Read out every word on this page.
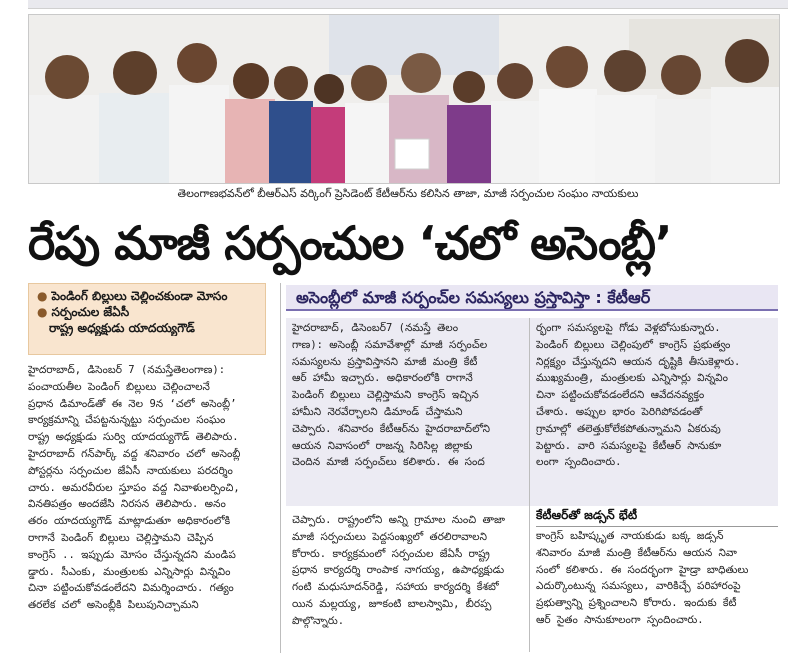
తెలంగాణభవన్‌లో బీఆర్ఎస్ వర్కింగ్ ప్రెసిడెంట్ కేటీఆర్‌ను కలిసిన తాజా, మాజీ సర్పంచుల సంఘం నాయకులు
రేపు మాజీ సర్పంచుల ‘చలో అసెంబ్లీ’
● పెండింగ్ బిల్లులు చెల్లించకుండా మోసం
● సర్పంచుల జేఏసీ
రాష్ట్ర అధ్యక్షుడు యాదయ్యగౌడ్
అసెంబ్లీలో మాజీ సర్పంచ్‌ల సమస్యలు ప్రస్తావిస్తా : కేటీఆర్

హైదరాబాద్, డిసెంబర్ 7 (నమస్తేతెలంగాణ):

పంచాయతీల పెండింగ్ బిల్లులు చెల్లించాలనే

ప్రధాన డిమాండ్‌తో ఈ నెల 9న ‘చలో అసెంబ్లీ’

కార్యక్రమాన్ని చేపట్టనున్నట్టు సర్పంచుల సంఘం

రాష్ట్ర అధ్యక్షుడు సుర్వి యాదయ్యగౌడ్ తెలిపారు.

హైదరాబాద్ గన్‌పార్క్ వద్ద శనివారం చలో అసెంబ్లీ

పోస్టర్లను సర్పంచుల జేఏసీ నాయకులు పరదర్శిం

చారు. అమరవీరుల స్తూపం వద్ద నివాళులర్పించి,

వినతిపత్రం అందజేసి నిరసన తెలిపారు. అనం

తరం యాదయ్యగౌడ్ మాట్లాడుతూ అధికారంలోకి

రాగానే పెండింగ్ బిల్లులు చెల్లిస్తామని చెప్పిన

కాంగ్రెస్ .. ఇప్పుడు మోసం చేస్తున్నదని మండిప

డ్డారు. సీఎంకు, మంత్రులకు ఎన్నిసార్లు విన్నవిం

చినా పట్టించుకోవడంలేదని విమర్శించారు. గత్యం

తరలేక చలో అసెంబ్లీకి పిలుపునిచ్చామని

హైదరాబాద్, డిసెంబర్7 (నమస్తే తెలం

గాణ): అసెంబ్లీ సమావేశాల్లో మాజీ సర్పంచ్‌ల

సమస్యలను ప్రస్తావిస్తానని మాజీ మంత్రి కేటీ

ఆర్ హామీ ఇచ్చారు. అధికారంలోకి రాగానే

పెండింగ్ బిల్లులు చెల్లిస్తామని కాంగ్రెస్ ఇచ్చిన

హామీని నెరవేర్చాలని డిమాండ్ చేస్తామని

చెప్పారు. శనివారం కేటీఆర్‌ను హైదరాబాద్‌లోని

ఆయన నివాసంలో రాజన్న సిరిసిల్ల జిల్లాకు

చెందిన మాజీ సర్పంచ్‌లు కలిశారు. ఈ సంద

ర్భంగా సమస్యలపై గోడు వెళ్లబోసుకున్నారు.

పెండింగ్ బిల్లులు చెల్లింపులో కాంగ్రెస్ ప్రభుత్వం

నిర్లక్ష్యం చేస్తున్నదని ఆయన దృష్టికి తీసుకెళ్లారు.

ముఖ్యమంత్రి, మంత్రులకు ఎన్నిసార్లు విన్నవిం

చినా పట్టించుకోవడంలేదని ఆవేదనవ్యక్తం

చేశారు. అప్పుల భారం పెరిగిపోవడంతో

గ్రామాల్లో తలెత్తుకోలేకపోతున్నామని ఏకరువు

పెట్టారు. వారి సమస్యలపై కేటీఆర్ సానుకూ

లంగా స్పందించారు.

చెప్పారు. రాష్ట్రంలోని అన్ని గ్రామాల నుంచి తాజా

మాజీ సర్పంచులు పెద్దసంఖ్యలో తరలిరావాలని

కోరారు. కార్యక్రమంలో సర్పంచుల జేఏసీ రాష్ట్ర

ప్రధాన కార్యదర్శి రాంపాక నాగయ్య, ఉపాధ్యక్షుడు

గంటి మధుసూదన్‌రెడ్డి, సహాయ కార్యదర్శి కేశబో

యిన మల్లయ్య, జూకంటి బాలస్వామి, బీరప్ప

పొల్గొన్నారు.

కేటీఆర్‌తో జడ్సన్ భేటీ

కాంగ్రెస్ బహిష్కృత నాయకుడు బక్క జడ్సన్

శనివారం మాజీ మంత్రి కేటీఆర్‌ను ఆయన నివా

సంలో కలిశారు. ఈ సందర్భంగా హైడ్రా బాధితులు

ఎదుర్కొంటున్న సమస్యలు, వారికిచ్చే పరిహారంపై

ప్రభుత్వాన్ని ప్రశ్నించాలని కోరారు. ఇందుకు కేటీ

ఆర్ సైతం సానుకూలంగా స్పందించారు.
